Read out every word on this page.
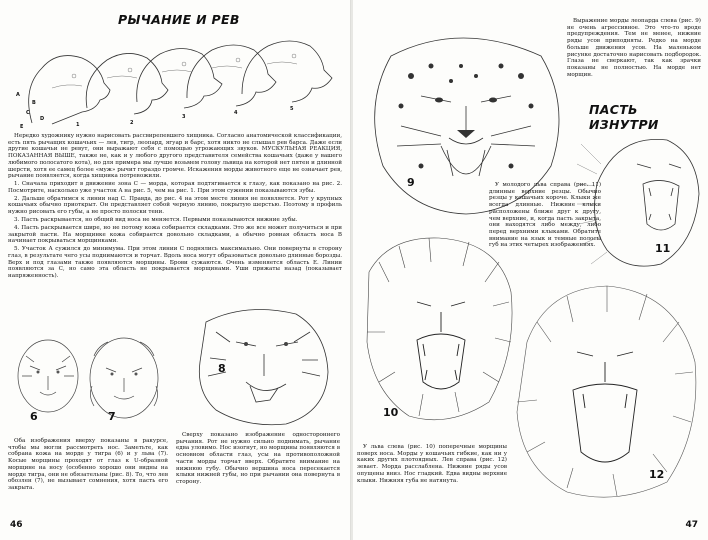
РЫЧАНИЕ И РЕВ
A
B
C
D
E	1	2
3
4
5

Нередко художнику нужно нарисовать рассвирепевшего хищника. Согласно анатомической классификации, есть пять рычащих кошачьих — лев, тигр, леопард, ягуар и барс, хотя никто не слышал рев барса. Даже если другие кошачьи не ревут, они выражают себя с помощью угрожающих звуков. МУСКУЛЬНАЯ РЕАКЦИЯ, ПОКАЗАННАЯ ВЫШЕ, также не, как и у любого другого представителя семейства кошачьих (даже у вашего любимого полосатого кота), но для примера мы лучше возьмем голову львица на которой нет пятен и длинной шерсти, хотя ее самец более «муж» рычит гораздо громче. Искажения морды животного еще не означает рев, рычание появляется, когда хищника потревожили.

1. Сначала приходит в движение зона С — морда, которая подтягивается к глазу, как показано на рис. 2. Посмотрите, насколько уже участок A на рис. 5, чем на рис. 1. При этом сужении показываются зубы.

2. Дальше обратимся к линии над С. Правда, до рис. 4 на этом месте линия не появляется. Рот у крупных кошачьих обычно приоткрыт. Он представляет собой черную линию, покрытую шерстью. Поэтому в профиль нужно рисовать его губы, а не просто полоски тени.

3. Пасть раскрывается, но общий вид носа не меняется. Первыми показываются нижние зубы.

4. Пасть раскрывается шире, но не потому кожа собирается складками. Это же все может получиться и при закрытой пасти. На морщинке кожа собирается довольно складками, а обычно ровная область носа B начинает покрываться морщинками.

5. Участок А сужился до минимума. При этом линии С поднялись максимально. Они повернуты в сторону глаз, в результате чего усы поднимаются и торчат. Вдоль носа могут образоваться довольно длинные борозды. Верх и под глазами также появляются морщины. Брови сужаются. Очень изменяется область Е. Линии появляются за С, но само эта область не покрывается морщинами. Уши прижаты назад (показывает напряженность).

6	7
8

Оба изображения вверху показаны в ракурсе, чтобы мы могли рассмотреть нос. Заметьте, как собрана кожа на морде у тигра (6) и у льва (7). Косые морщины проходят от глаз к U-образной морщине на носу (особенно хорошо они видны на морде тигра, они не обязательны (рис. 8). То, что лев обозлен (7), не вызывает сомнения, хотя пасть его закрыта.

Сверху показано изображение одностороннего рычания. Рот не нужно сильно поднимать, рычание едва уловимо. Нос изогнут, но морщины появляются в основном области глаз, усы на противоположной части морды торчат вверх. Обратите внимание на нижнюю губу. Обычно вершина носа пересекается клыки нижней губы, но при рычании она повернута в сторону.

46
9

Выражение морды леопарда слева (рис. 9) не очень агрессивное. Это что-то вроде предупреждения. Тем не менее, нижние ряды усов приподняты. Редко на морде больше движения усов. На маленьком рисунке достаточно нарисовать подбородок. Глаза не сверкают, так как зрачки показаны не полностью. На морде нет морщин.

ПАСТЬ ИЗНУТРИ
11

У молодого льва справа (рис. 11) длинные верхние резцы. Обычно резцы у кошачьих короче. Клыки же всегда длинные. Нижние клыки расположены ближе друг к другу, чем верхние, и, когда пасть закрыта, они находятся либо между, либо перед верхними клыками. Обратите внимание на язык и темные полосы губ на этих четырех изображениях.

10
12

У льва слева (рис. 10) поперечные морщины поверх носа. Морды у кошачьих гибкие, как ни у каких других плотоядных. Лев справа (рис. 12) зевает. Морда расслаблена. Нижние ряды усов опущены вниз. Нос гладкий. Едва видны верхние клыки. Нижняя губа не натянута.

47
